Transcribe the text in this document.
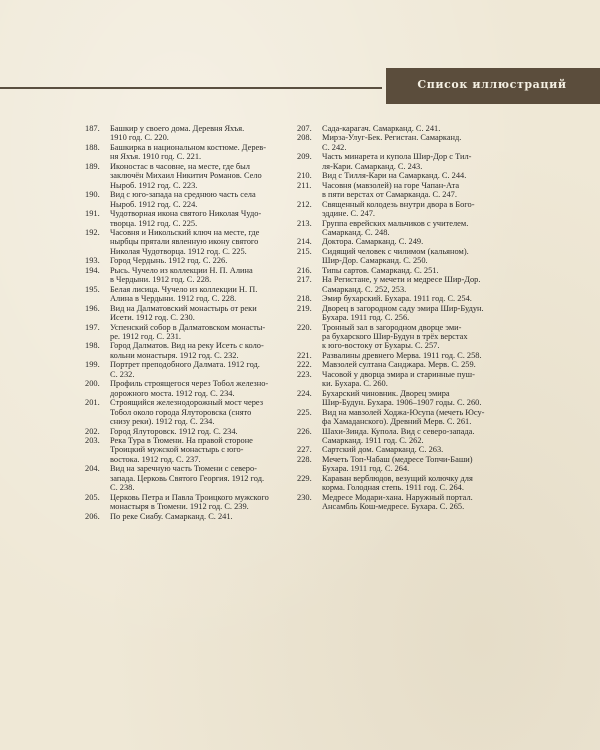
Список иллюстраций
187.	Башкир у своего дома. Деревня Яхъя.
1910 год. С. 220.
188.	Башкирка в национальном костюме. Дерев-
ня Яхъя. 1910 год. С. 221.
189.	Иконостас в часовне, на месте, где был
заключён Михаил Никитич Романов. Село
Ныроб. 1912 год. С. 223.
190.	Вид с юго-запада на среднюю часть села
Ныроб. 1912 год. С. 224.
191.	Чудотворная икона святого Николая Чудо-
творца. 1912 год. С. 225.
192.	Часовня и Никольский ключ на месте, где
нырбцы прятали явленную икону святого
Николая Чудотворца. 1912 год. С. 225.
193.	Город Чердынь. 1912 год. С. 226.
194.	Рысь. Чучело из коллекции Н. П. Алина
в Чердыни. 1912 год. С. 228.
195.	Белая лисица. Чучело из коллекции Н. П.
Алина в Чердыни. 1912 год. С. 228.
196.	Вид на Далматовский монастырь от реки
Исети. 1912 год. С. 230.
197.	Успенский собор в Далматовском монасты-
ре. 1912 год. С. 231.
198.	Город Далматов. Вид на реку Исеть с коло-
кольни монастыря. 1912 год. С. 232.
199.	Портрет преподобного Далмата. 1912 год.
С. 232.
200.	Профиль строящегося через Тобол железно-
дорожного моста. 1912 год. С. 234.
201.	Строящийся железнодорожный мост через
Тобол около города Ялуторовска (снято
снизу реки). 1912 год. С. 234.
202.	Город Ялуторовск. 1912 год. С. 234.
203.	Река Тура в Тюмени. На правой стороне
Троицкий мужской монастырь с юго-
востока. 1912 год. С. 237.
204.	Вид на заречную часть Тюмени с северо-
запада. Церковь Святого Георгия. 1912 год.
С. 238.
205.	Церковь Петра и Павла Троицкого мужского
монастыря в Тюмени. 1912 год. С. 239.
206.	По реке Сиабу. Самарканд. С. 241.
207.	Сада-карагач. Самарканд. С. 241.
208.	Мирза-Улуг-Бек. Регистан. Самарканд.
С. 242.
209.	Часть минарета и купола Шир-Дор с Тил-
ля-Кари. Самарканд. С. 243.
210.	Вид с Тилля-Кари на Самарканд. С. 244.
211.	Часовня (мавзолей) на горе Чапан-Ата
в пяти верстах от Самарканда. С. 247.
212.	Священный колодезь внутри двора в Бого-
эддине. С. 247.
213.	Группа еврейских мальчиков с учителем.
Самарканд. С. 248.
214.	Доктора. Самарканд. С. 249.
215.	Сидящий человек с чилимом (кальяном).
Шир-Дор. Самарканд. С. 250.
216.	Типы сартов. Самарканд. С. 251.
217.	На Регистане, у мечети и медресе Шир-Дор.
Самарканд. С. 252, 253.
218.	Эмир бухарский. Бухара. 1911 год. С. 254.
219.	Дворец в загородном саду эмира Шир-Будун.
Бухара. 1911 год. С. 256.
220.	Тронный зал в загородном дворце эми-
ра бухарского Шир-Будун в трёх верстах
к юго-востоку от Бухары. С. 257.
221.	Развалины древнего Мерва. 1911 год. С. 258.
222.	Мавзолей султана Санджара. Мерв. С. 259.
223.	Часовой у дворца эмира и старинные пуш-
ки. Бухара. С. 260.
224.	Бухарский чиновник. Дворец эмира
Шир-Будун. Бухара. 1906–1907 годы. С. 260.
225.	Вид на мавзолей Ходжа-Юсупа (мечеть Юсу-
фа Хамаданского). Древний Мерв. С. 261.
226.	Шахи-Зинда. Купола. Вид с северо-запада.
Самарканд. 1911 год. С. 262.
227.	Сартский дом. Самарканд. С. 263.
228.	Мечеть Топ-Чабаш (медресе Топчи-Баши)
Бухара. 1911 год. С. 264.
229.	Караван верблюдов, везущий колючку для
корма. Голодная степь. 1911 год. С. 264.
230.	Медресе Модари-хана. Наружный портал.
Ансамбль Кош-медресе. Бухара. С. 265.
